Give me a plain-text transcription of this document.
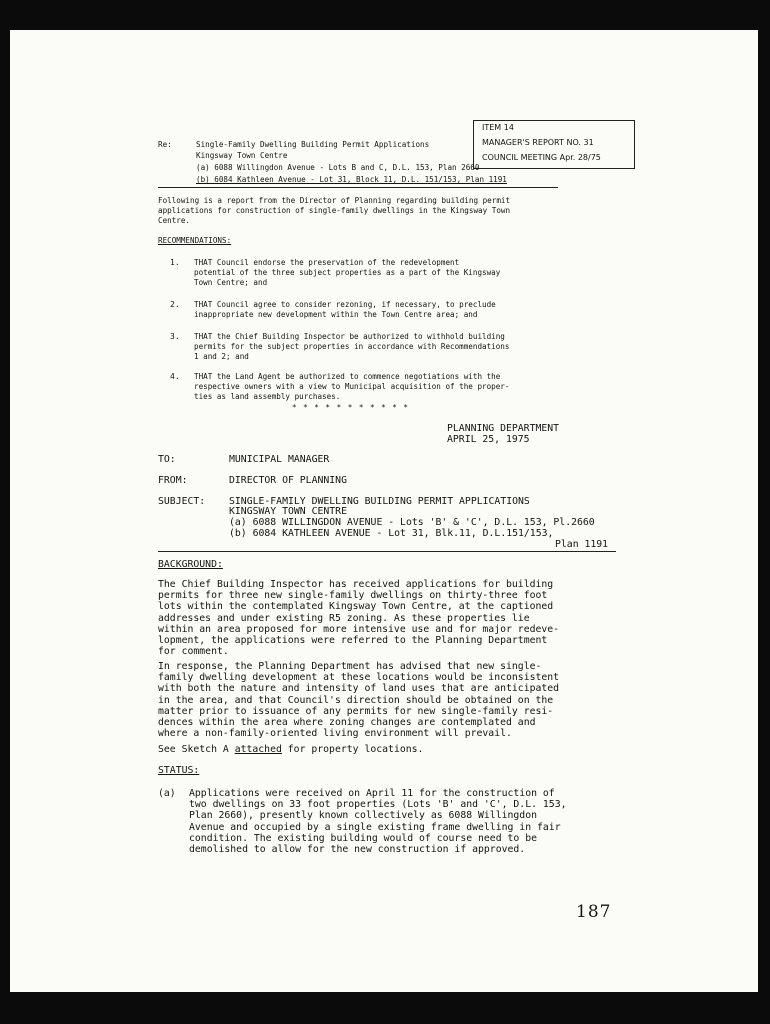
ITEM 14
MANAGER'S REPORT NO. 31
COUNCIL MEETING Apr. 28/75
Re:	Single-Family Dwelling Building Permit Applications
Kingsway Town Centre
(a) 6088 Willingdon Avenue - Lots B and C, D.L. 153, Plan 2660
(b) 6084 Kathleen Avenue - Lot 31, Block 11, D.L. 151/153, Plan 1191
Following is a report from the Director of Planning regarding building permit
applications for construction of single-family dwellings in the Kingsway Town
Centre.
RECOMMENDATIONS:
1. THAT Council endorse the preservation of the redevelopment
potential of the three subject properties as a part of the Kingsway
Town Centre; and
2. THAT Council agree to consider rezoning, if necessary, to preclude
inappropriate new development within the Town Centre area; and
3. THAT the Chief Building Inspector be authorized to withhold building
permits for the subject properties in accordance with Recommendations
1 and 2; and
4. THAT the Land Agent be authorized to commence negotiations with the
respective owners with a view to Municipal acquisition of the proper-
ties as land assembly purchases.
* * * * * * * * * * *
PLANNING DEPARTMENT
APRIL 25, 1975
TO:	MUNICIPAL MANAGER
FROM:	DIRECTOR OF PLANNING
SUBJECT: SINGLE-FAMILY DWELLING BUILDING PERMIT APPLICATIONS
KINGSWAY TOWN CENTRE
(a) 6088 WILLINGDON AVENUE - Lots 'B' & 'C', D.L. 153, Pl.2660
(b) 6084 KATHLEEN AVENUE - Lot 31, Blk.11, D.L.151/153,
Plan 1191
BACKGROUND:
The Chief Building Inspector has received applications for building
permits for three new single-family dwellings on thirty-three foot
lots within the contemplated Kingsway Town Centre, at the captioned
addresses and under existing R5 zoning. As these properties lie
within an area proposed for more intensive use and for major redeve-
lopment, the applications were referred to the Planning Department
for comment.
In response, the Planning Department has advised that new single-
family dwelling development at these locations would be inconsistent
with both the nature and intensity of land uses that are anticipated
in the area, and that Council's direction should be obtained on the
matter prior to issuance of any permits for new single-family resi-
dences within the area where zoning changes are contemplated and
where a non-family-oriented living environment will prevail.
See Sketch A attached for property locations.
STATUS:
(a) Applications were received on April 11 for the construction of
two dwellings on 33 foot properties (Lots 'B' and 'C', D.L. 153,
Plan 2660), presently known collectively as 6088 Willingdon
Avenue and occupied by a single existing frame dwelling in fair
condition. The existing building would of course need to be
demolished to allow for the new construction if approved.
187
